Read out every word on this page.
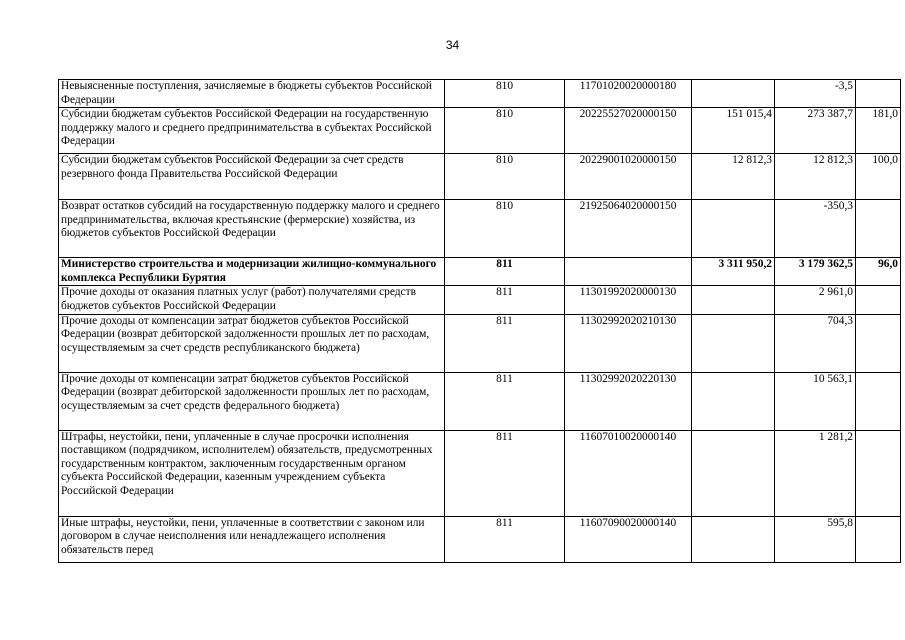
34
Невыясненные поступления, зачисляемые в бюджеты субъектов Российской Федерации	810	11701020020000180		-3,5	
Субсидии бюджетам субъектов Российской Федерации на государственную поддержку малого и среднего предпринимательства в субъектах Российской Федерации	810	20225527020000150	151 015,4	273 387,7	181,0
Субсидии бюджетам субъектов Российской Федерации за счет средств резервного фонда Правительства Российской Федерации	810	20229001020000150	12 812,3	12 812,3	100,0
Возврат остатков субсидий на государственную поддержку малого и среднего предпринимательства, включая крестьянские (фермерские) хозяйства, из бюджетов субъектов Российской Федерации	810	21925064020000150		-350,3	
Министерство строительства и модернизации жилищно-коммунального комплекса Республики Бурятия	811		3 311 950,2	3 179 362,5	96,0
Прочие доходы от оказания платных услуг (работ) получателями средств бюджетов субъектов Российской Федерации	811	11301992020000130		2 961,0	
Прочие доходы от компенсации затрат бюджетов субъектов Российской Федерации (возврат дебиторской задолженности прошлых лет по расходам, осуществляемым за счет средств республиканского бюджета)	811	11302992020210130		704,3	
Прочие доходы от компенсации затрат бюджетов субъектов Российской Федерации (возврат дебиторской задолженности прошлых лет по расходам, осуществляемым за счет средств федерального бюджета)	811	11302992020220130		10 563,1	
Штрафы, неустойки, пени, уплаченные в случае просрочки исполнения поставщиком (подрядчиком, исполнителем) обязательств, предусмотренных государственным контрактом, заключенным государственным органом субъекта Российской Федерации, казенным учреждением субъекта Российской Федерации	811	11607010020000140		1 281,2	
Иные штрафы, неустойки, пени, уплаченные в соответствии с законом или договором в случае неисполнения или ненадлежащего исполнения обязательств перед	811	11607090020000140		595,8	
